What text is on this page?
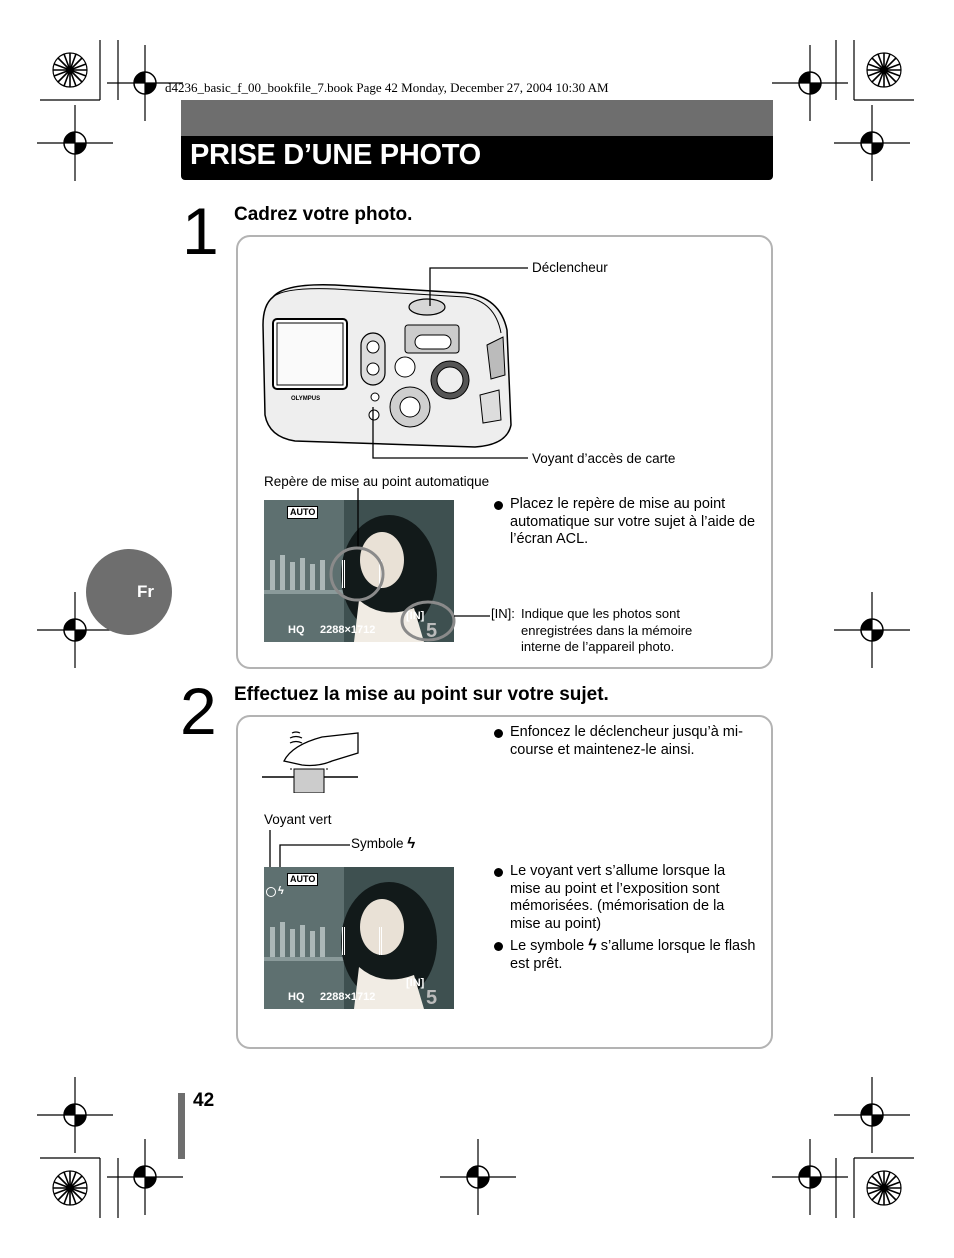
d4236_basic_f_00_bookfile_7.book Page 42 Monday, December 27, 2004 10:30 AM
PRISE D’UNE PHOTO
Fr
1 Cadrez votre photo.
OLYMPUS
Déclencheur
Voyant d’accès de carte
Repère de mise au point automatique
AUTO
[IN]
5
HQ 2288×1712
Placez le repère de mise au point automatique sur votre sujet à l’aide de l’écran ACL.
[IN]: Indique que les photos sont enregistrées dans la mémoire interne de l’appareil photo.
2 Effectuez la mise au point sur votre sujet.
Enfoncez le déclencheur jusqu’à mi-course et maintenez-le ainsi.
Voyant vert
Symbole ϟ
ϟ
AUTO
[IN]
5
HQ 2288×1712
Le voyant vert s’allume lorsque la mise au point et l’exposition sont mémorisées. (mémorisation de la mise au point)
Le symbole ϟ s’allume lorsque le flash est prêt.
42
